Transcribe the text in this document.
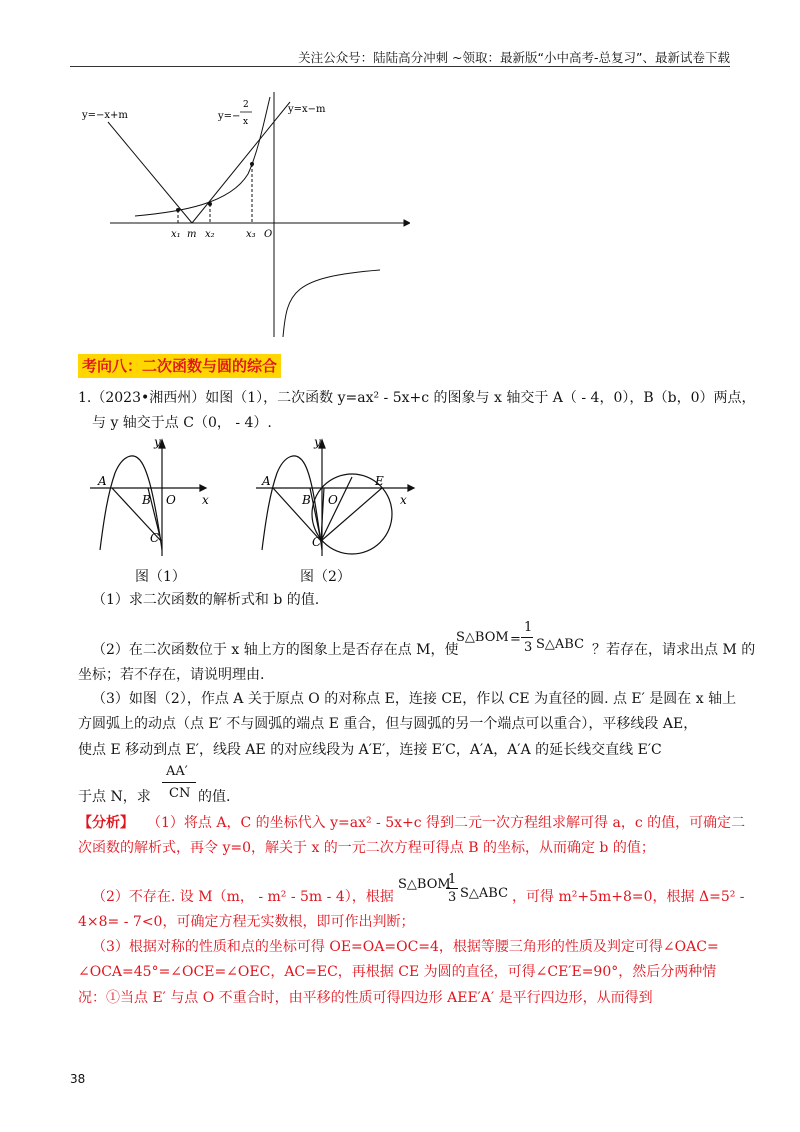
关注公众号：陆陆高分冲刺 ~领取：最新版“小中高考-总复习”、最新试卷下载
y=−x+m	y=−
2
x
y=x−m
x₁ m x₂	x₃ O
考向八：二次函数与圆的综合
1.（2023•湘西州）如图（1），二次函数 y=ax² - 5x+c 的图象与 x 轴交于 A（ - 4，0），B（b，0）两点，
与 y 轴交于点 C（0， - 4）.
A
B O x
y
C
A
B O	x
y
C
E
图（1）	图（2）
（1）求二次函数的解析式和 b 的值.
（2）在二次函数位于 x 轴上方的图象上是否存在点 M，使
S△BOM =
1
3 S△ABC ？若存在，请求出点 M 的
坐标；若不存在，请说明理由.
（3）如图（2），作点 A 关于原点 O 的对称点 E，连接 CE，作以 CE 为直径的圆. 点 E′ 是圆在 x 轴上
方圆弧上的动点（点 E′ 不与圆弧的端点 E 重合，但与圆弧的另一个端点可以重合），平移线段 AE，
使点 E 移动到点 E′，线段 AE 的对应线段为 A′E′，连接 E′C，A′A，A′A 的延长线交直线 E′C
AA′
CN
于点 N，求	的值.
【分析】 （1）将点 A，C 的坐标代入 y=ax² - 5x+c 得到二元一次方程组求解可得 a，c 的值，可确定二
次函数的解析式，再令 y=0，解关于 x 的一元二次方程可得点 B 的坐标，从而确定 b 的值；
（2）不存在. 设 M（m， - m² - 5m - 4），根据
S△BOM
1
3 S△ABC ，可得 m²+5m+8=0，根据 Δ=5² -
4×8= - 7<0，可确定方程无实数根，即可作出判断；
（3）根据对称的性质和点的坐标可得 OE=OA=OC=4，根据等腰三角形的性质及判定可得∠OAC=
∠OCA=45°=∠OCE=∠OEC，AC=EC，再根据 CE 为圆的直径，可得∠CE′E=90°，然后分两种情
况：①当点 E′ 与点 O 不重合时，由平移的性质可得四边形 AEE′A′ 是平行四边形，从而得到
38
